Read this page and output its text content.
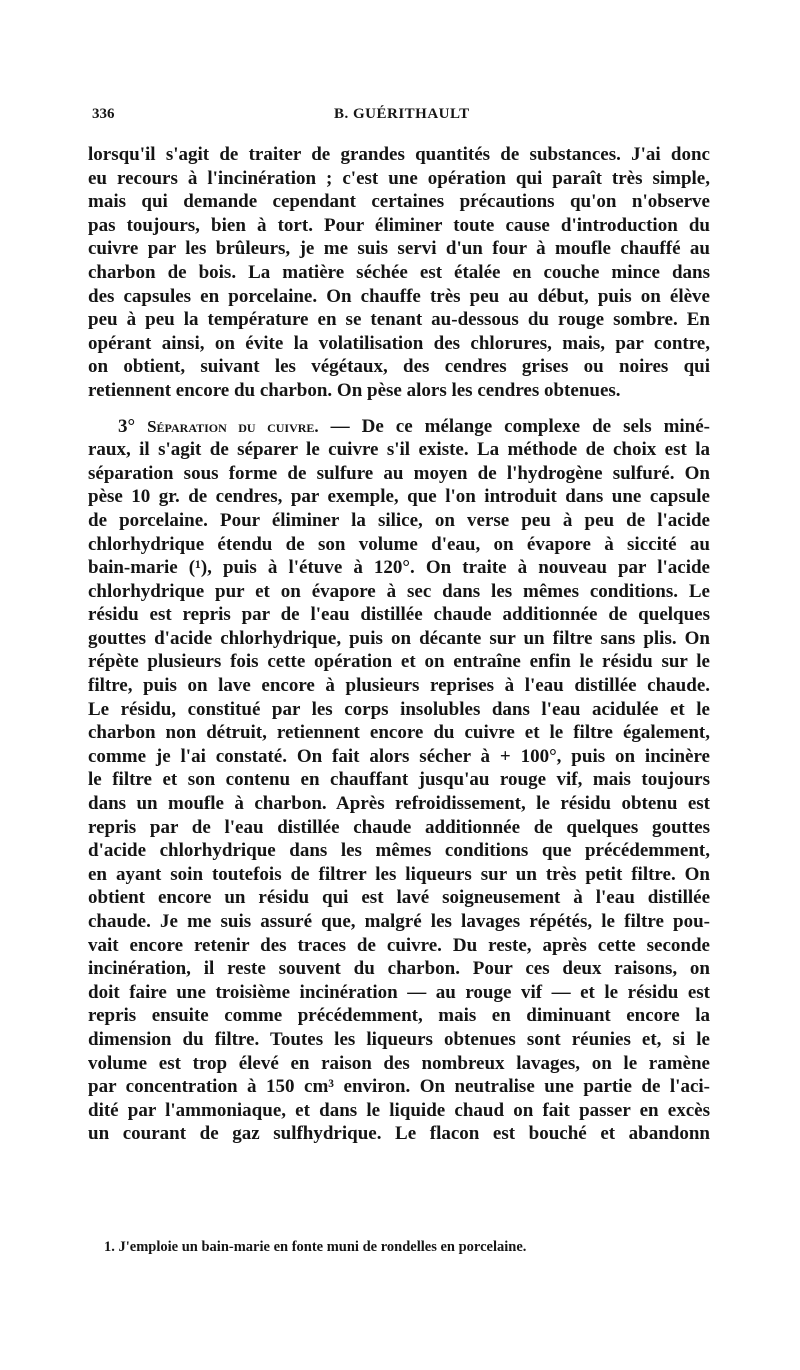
336	B. GUÉRITHAULT
lorsqu'il s'agit de traiter de grandes quantités de substances. J'ai donc
eu recours à l'incinération ; c'est une opération qui paraît très simple,
mais qui demande cependant certaines précautions qu'on n'observe
pas toujours, bien à tort. Pour éliminer toute cause d'introduction du
cuivre par les brûleurs, je me suis servi d'un four à moufle chauffé au
charbon de bois. La matière séchée est étalée en couche mince dans
des capsules en porcelaine. On chauffe très peu au début, puis on élève
peu à peu la température en se tenant au-dessous du rouge sombre. En
opérant ainsi, on évite la volatilisation des chlorures, mais, par contre,
on obtient, suivant les végétaux, des cendres grises ou noires qui
retiennent encore du charbon. On pèse alors les cendres obtenues.
3° Séparation du cuivre. — De ce mélange complexe de sels miné-
raux, il s'agit de séparer le cuivre s'il existe. La méthode de choix est la
séparation sous forme de sulfure au moyen de l'hydrogène sulfuré. On
pèse 10 gr. de cendres, par exemple, que l'on introduit dans une capsule
de porcelaine. Pour éliminer la silice, on verse peu à peu de l'acide
chlorhydrique étendu de son volume d'eau, on évapore à siccité au
bain-marie (¹), puis à l'étuve à 120°. On traite à nouveau par l'acide
chlorhydrique pur et on évapore à sec dans les mêmes conditions. Le
résidu est repris par de l'eau distillée chaude additionnée de quelques
gouttes d'acide chlorhydrique, puis on décante sur un filtre sans plis. On
répète plusieurs fois cette opération et on entraîne enfin le résidu sur le
filtre, puis on lave encore à plusieurs reprises à l'eau distillée chaude.
Le résidu, constitué par les corps insolubles dans l'eau acidulée et le
charbon non détruit, retiennent encore du cuivre et le filtre également,
comme je l'ai constaté. On fait alors sécher à + 100°, puis on incinère
le filtre et son contenu en chauffant jusqu'au rouge vif, mais toujours
dans un moufle à charbon. Après refroidissement, le résidu obtenu est
repris par de l'eau distillée chaude additionnée de quelques gouttes
d'acide chlorhydrique dans les mêmes conditions que précédemment,
en ayant soin toutefois de filtrer les liqueurs sur un très petit filtre. On
obtient encore un résidu qui est lavé soigneusement à l'eau distillée
chaude. Je me suis assuré que, malgré les lavages répétés, le filtre pou-
vait encore retenir des traces de cuivre. Du reste, après cette seconde
incinération, il reste souvent du charbon. Pour ces deux raisons, on
doit faire une troisième incinération — au rouge vif — et le résidu est
repris ensuite comme précédemment, mais en diminuant encore la
dimension du filtre. Toutes les liqueurs obtenues sont réunies et, si le
volume est trop élevé en raison des nombreux lavages, on le ramène
par concentration à 150 cm³ environ. On neutralise une partie de l'aci-
dité par l'ammoniaque, et dans le liquide chaud on fait passer en excès
un courant de gaz sulfhydrique. Le flacon est bouché et abandonn
1. J'emploie un bain-marie en fonte muni de rondelles en porcelaine.
